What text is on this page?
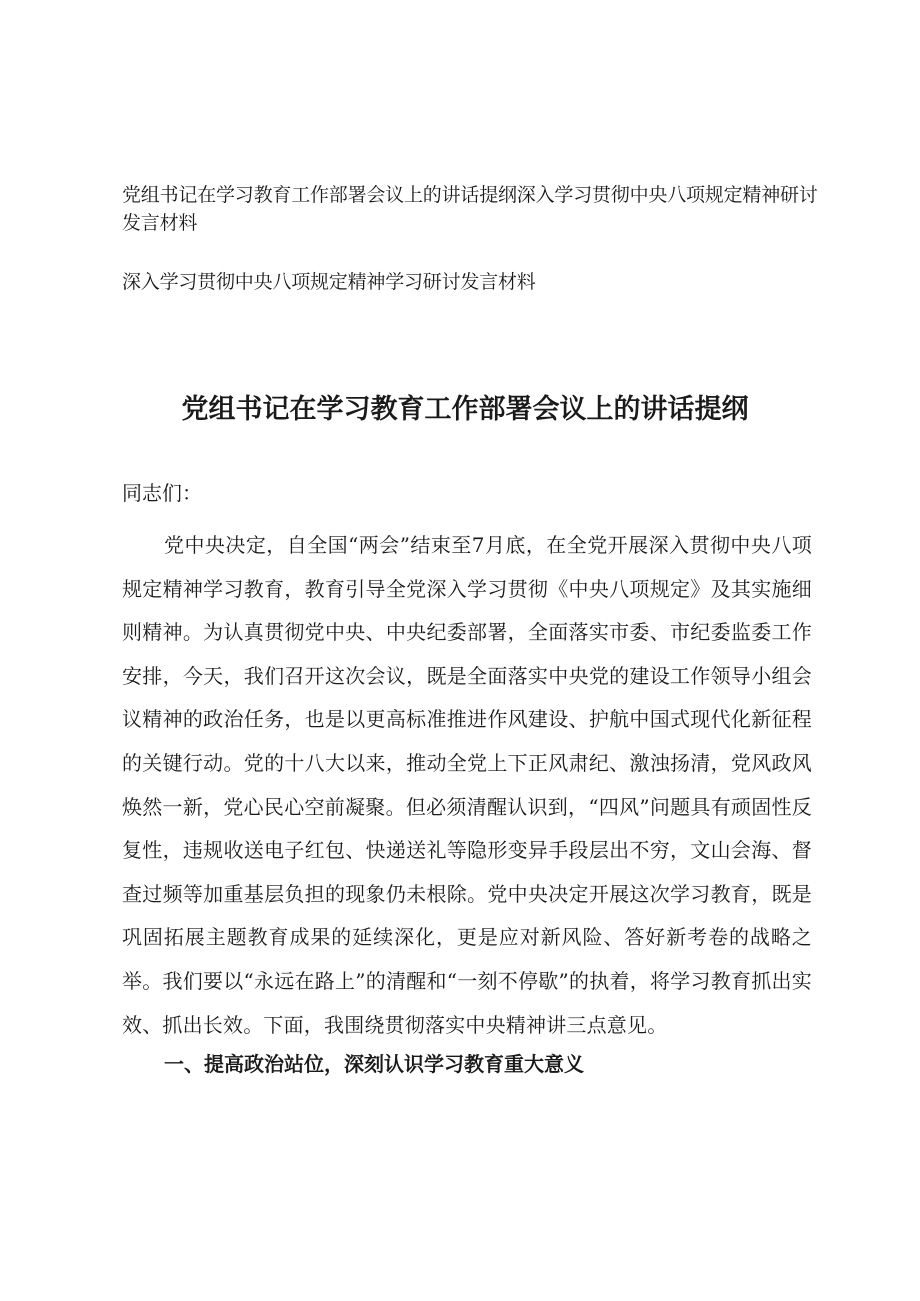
党组书记在学习教育工作部署会议上的讲话提纲深入学习贯彻中央八项规定精神研讨发言材料

深入学习贯彻中央八项规定精神学习研讨发言材料

党组书记在学习教育工作部署会议上的讲话提纲

同志们：

党中央决定，自全国“两会”结束至7月底，在全党开展深入贯彻中央八项规定精神学习教育，教育引导全党深入学习贯彻《中央八项规定》及其实施细则精神。为认真贯彻党中央、中央纪委部署，全面落实市委、市纪委监委工作安排，今天，我们召开这次会议，既是全面落实中央党的建设工作领导小组会议精神的政治任务，也是以更高标准推进作风建设、护航中国式现代化新征程的关键行动。党的十八大以来，推动全党上下正风肃纪、激浊扬清，党风政风焕然一新，党心民心空前凝聚。但必须清醒认识到，“四风”问题具有顽固性反复性，违规收送电子红包、快递送礼等隐形变异手段层出不穷，文山会海、督查过频等加重基层负担的现象仍未根除。党中央决定开展这次学习教育，既是巩固拓展主题教育成果的延续深化，更是应对新风险、答好新考卷的战略之举。我们要以“永远在路上”的清醒和“一刻不停歇”的执着，将学习教育抓出实效、抓出长效。下面，我围绕贯彻落实中央精神讲三点意见。

一、提高政治站位，深刻认识学习教育重大意义
